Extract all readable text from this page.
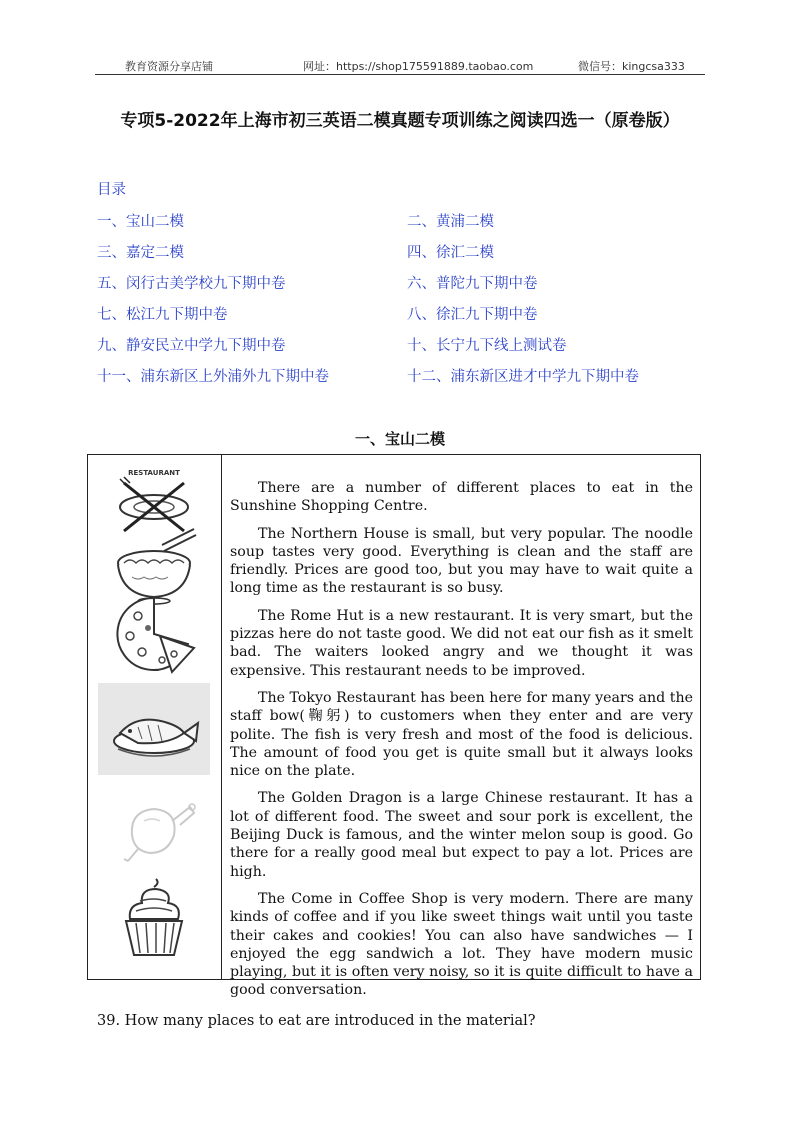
教育资源分享店铺	网址：https://shop175591889.taobao.com	微信号：kingcsa333
专项5-2022年上海市初三英语二模真题专项训练之阅读四选一（原卷版）
目录
一、宝山二模	二、黄浦二模
三、嘉定二模	四、徐汇二模
五、闵行古美学校九下期中卷	六、普陀九下期中卷
七、松江九下期中卷	八、徐汇九下期中卷
九、静安民立中学九下期中卷	十、长宁九下线上测试卷
十一、浦东新区上外浦外九下期中卷	十二、浦东新区进才中学九下期中卷
一、宝山二模
RESTAURANT

There are a number of different places to eat in the Sunshine Shopping Centre.

The Northern House is small, but very popular. The noodle soup tastes very good. Everything is clean and the staff are friendly. Prices are good too, but you may have to wait quite a long time as the restaurant is so busy.

The Rome Hut is a new restaurant. It is very smart, but the pizzas here do not taste good. We did not eat our fish as it smelt bad. The waiters looked angry and we thought it was expensive. This restaurant needs to be improved.

The Tokyo Restaurant has been here for many years and the staff bow(鞠躬) to customers when they enter and are very polite. The fish is very fresh and most of the food is delicious. The amount of food you get is quite small but it always looks nice on the plate.

The Golden Dragon is a large Chinese restaurant. It has a lot of different food. The sweet and sour pork is excellent, the Beijing Duck is famous, and the winter melon soup is good. Go there for a really good meal but expect to pay a lot. Prices are high.

The Come in Coffee Shop is very modern. There are many kinds of coffee and if you like sweet things wait until you taste their cakes and cookies! You can also have sandwiches — I enjoyed the egg sandwich a lot. They have modern music playing, but it is often very noisy, so it is quite difficult to have a good conversation.

39. How many places to eat are introduced in the material?
